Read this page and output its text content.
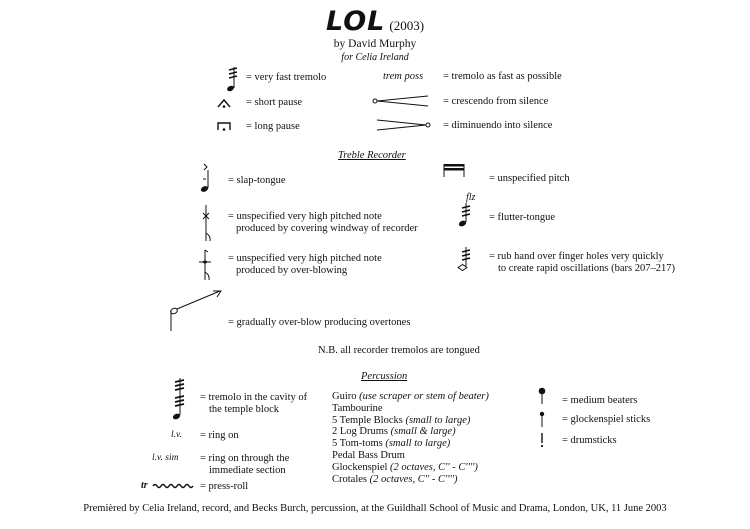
LOL (2003)
by David Murphy
for Celia Ireland
= very fast tremolo
= short pause
= long pause
trem poss = tremolo as fast as possible
= crescendo from silence
= diminuendo into silence
Treble Recorder
= slap-tongue
= unspecified very high pitched note
produced by covering windway of recorder
= unspecified very high pitched note
produced by over-blowing
= gradually over-blow producing overtones
= unspecified pitch
flz
= flutter-tongue
= rub hand over finger holes very quickly
to create rapid oscillations (bars 207–217)
N.B. all recorder tremolos are tongued
Percussion
= tremolo in the cavity of
the temple block
l.v. = ring on
l.v. sim = ring on through the
immediate section
tr	= press-roll
Guiro (use scraper or stem of beater)
Tambourine
5 Temple Blocks (small to large)
2 Log Drums (small & large)
5 Tom-toms (small to large)
Pedal Bass Drum
Glockenspiel (2 octaves, C'' - C'''')
Crotales (2 octaves, C'' - C'''')
= medium beaters
= glockenspiel sticks
= drumsticks
Premièred by Celia Ireland, record, and Becks Burch, percussion, at the Guildhall School of Music and Drama, London, UK, 11 June 2003
